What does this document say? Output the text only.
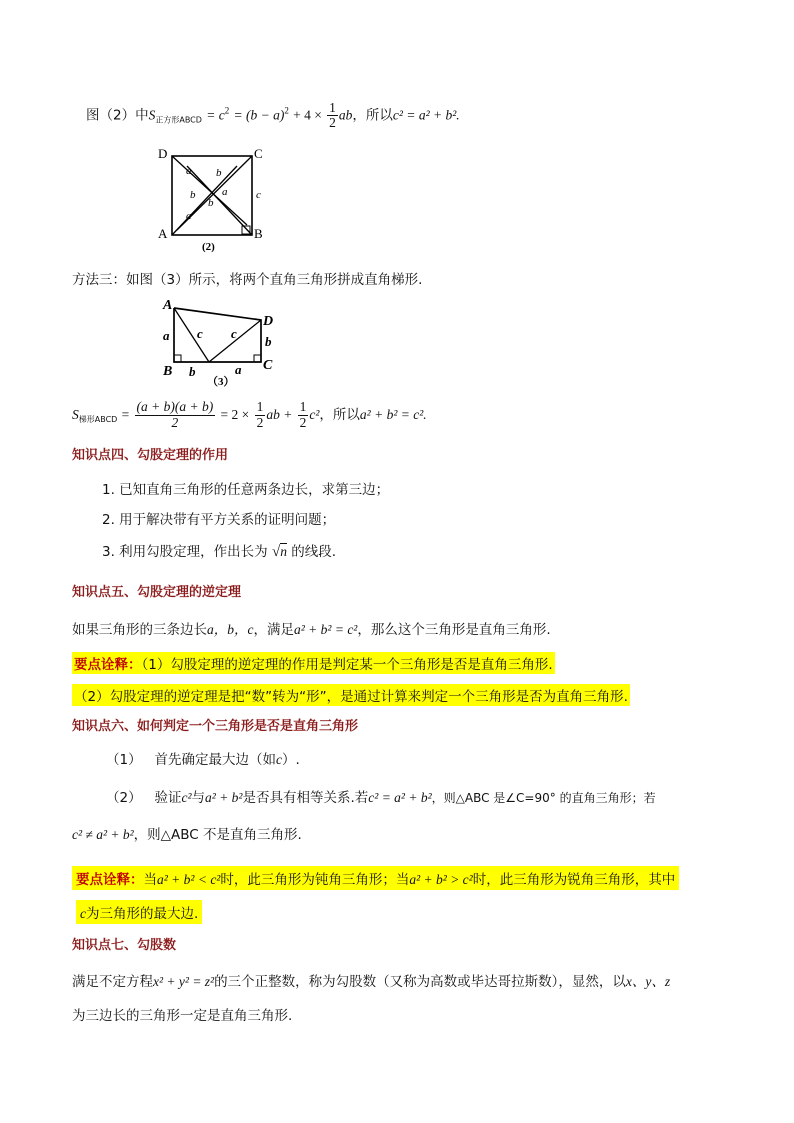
图（2）中$S_{正方形ABCD} = c^2 = (b - a)^2 + 4 \times \frac{1}{2}$ ab，所以c² = a² + b².
D	C
A	B
a b
b a
b
a
c
(2)
方法三：如图（3）所示，将两个直角三角形拼成直角梯形.
A
B	C
D
a c c
b
b	a
（3）
$S_{梯形ABCD} = \frac{(a + b)(a + b)}{2} = 2 \times \frac{1}{2}$ ab + $\frac{1}{2} c^2$，所以a² + b² = c².
知识点四、勾股定理的作用
1. 已知直角三角形的任意两条边长，求第三边；
2. 用于解决带有平方关系的证明问题；
3. 利用勾股定理，作出长为 √n 的线段.
知识点五、勾股定理的逆定理
如果三角形的三条边长a，b，c，满足a² + b² = c²，那么这个三角形是直角三角形.
要点诠释：（1）勾股定理的逆定理的作用是判定某一个三角形是否是直角三角形.
（2）勾股定理的逆定理是把“数”转为“形”，是通过计算来判定一个三角形是否为直角三角形.
知识点六、如何判定一个三角形是否是直角三角形
（1） 首先确定最大边（如c）.
（2） 验证c²与a² + b²是否具有相等关系.若c² = a² + b²，则△ABC 是∠C=90° 的直角三角形；若
c² ≠ a² + b²，则△ABC 不是直角三角形.
要点诠释：当a² + b² < c²时，此三角形为钝角三角形；当a² + b² > c²时，此三角形为锐角三角形，其中
c为三角形的最大边.
知识点七、勾股数
满足不定方程x² + y² = z²的三个正整数，称为勾股数（又称为高数或毕达哥拉斯数），显然，以x、y、z
为三边长的三角形一定是直角三角形.
